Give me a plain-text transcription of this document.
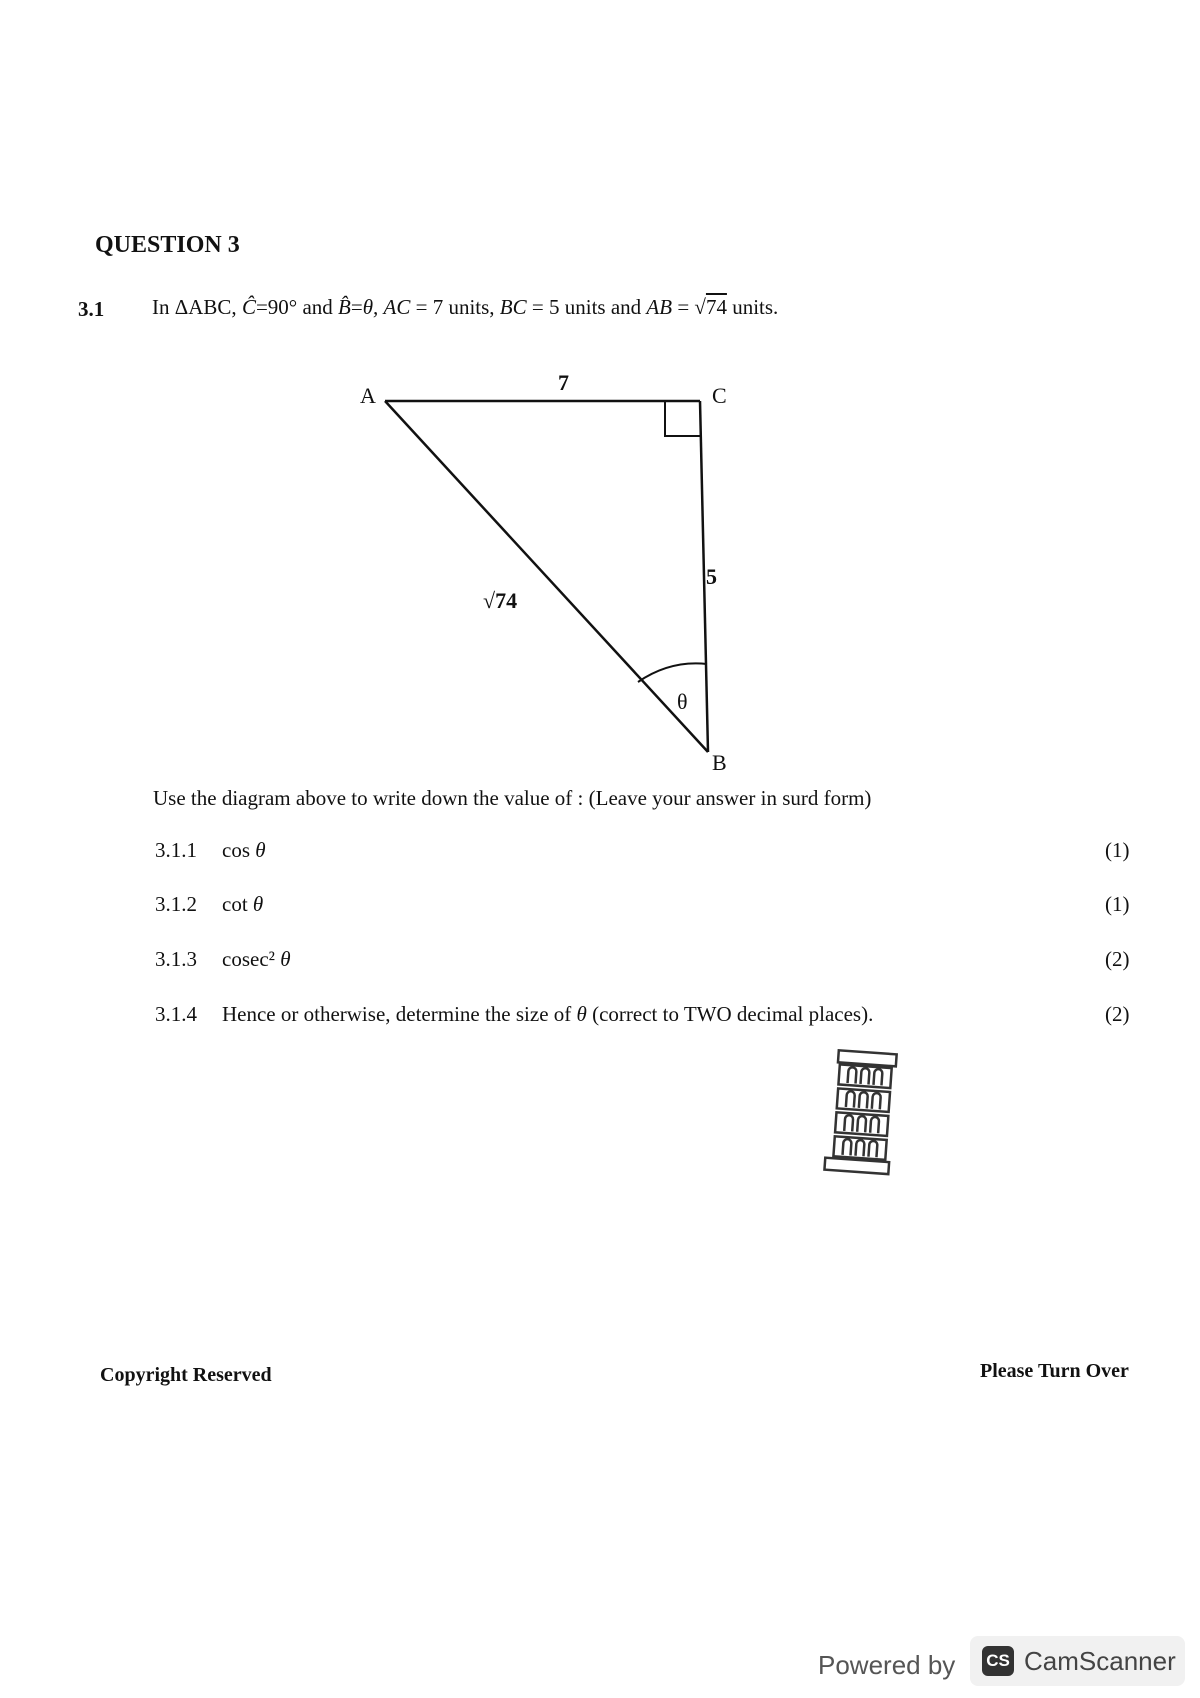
QUESTION 3
3.1 In ΔABC, Ĉ=90° and B̂=θ, AC = 7 units, BC = 5 units and AB = √74 units.
A	C
B
7
5
√74
θ
Use the diagram above to write down the value of : (Leave your answer in surd form)
3.1.1 cos θ	(1)
3.1.2 cot θ	(1)
3.1.3 cosec² θ	(2)
3.1.4 Hence or otherwise, determine the size of θ (correct to TWO decimal places).	(2)
Copyright Reserved	Please Turn Over
Powered by CS CamScanner
